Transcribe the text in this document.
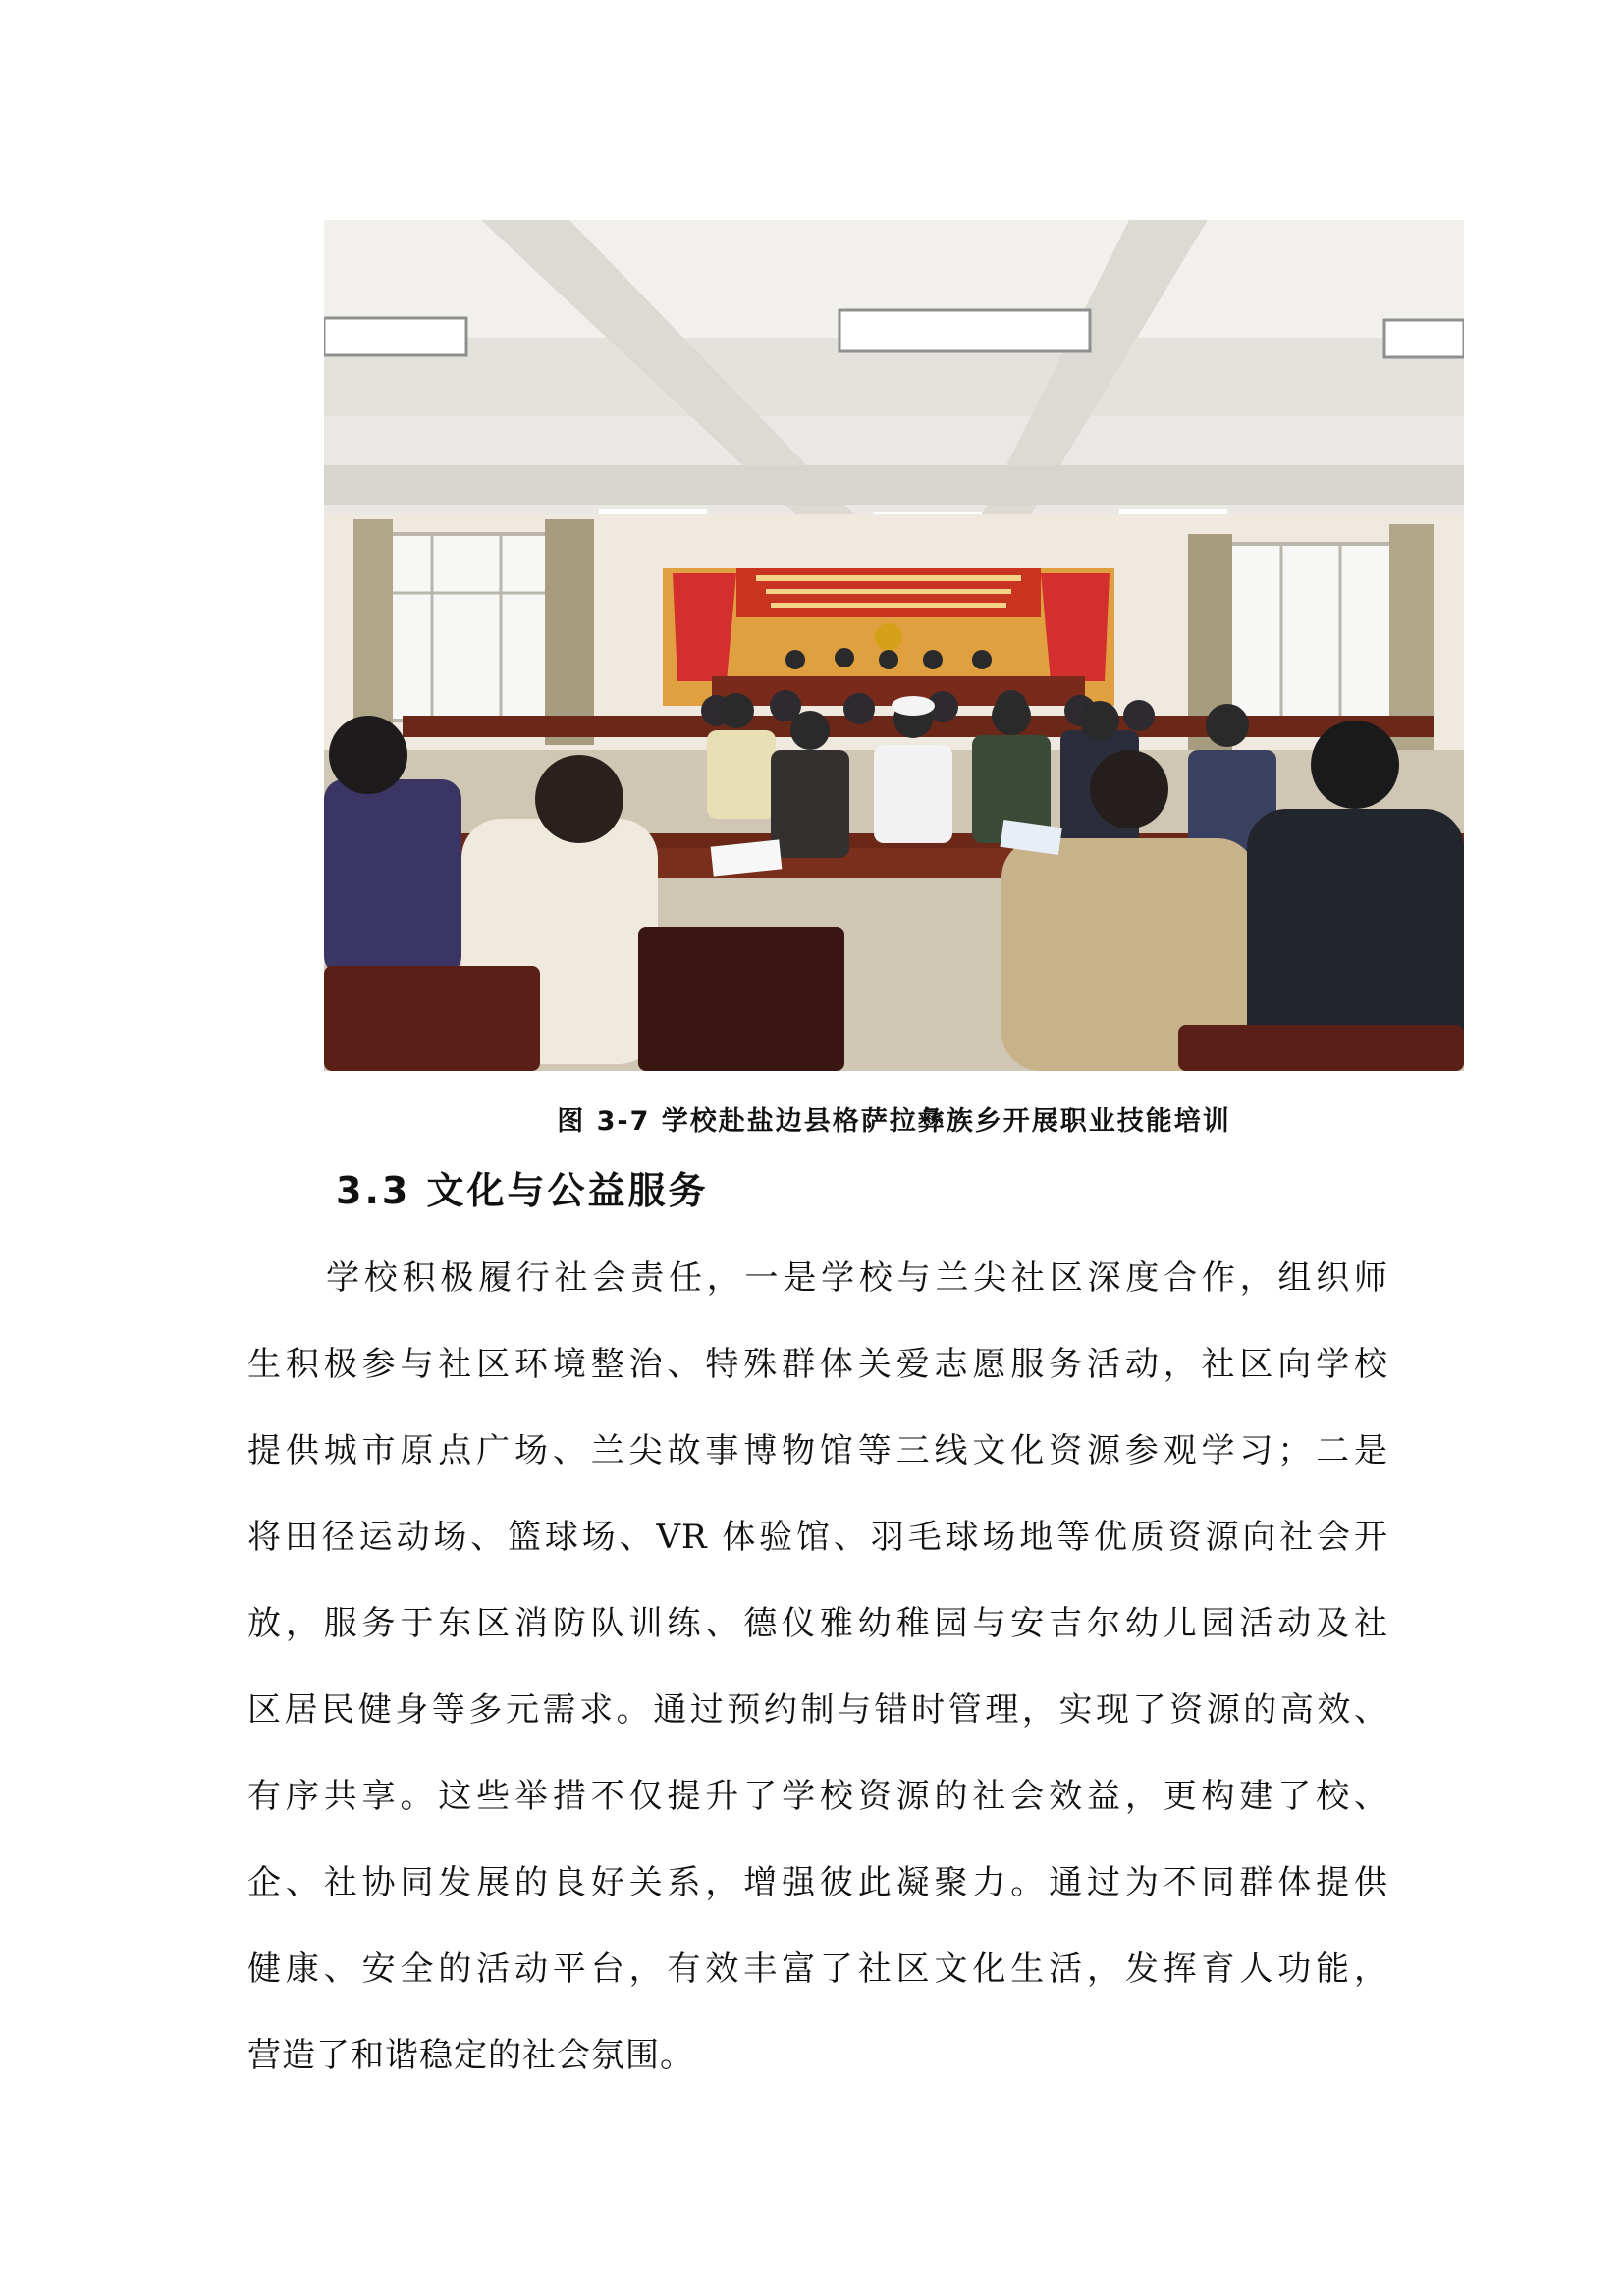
图 3-7 学校赴盐边县格萨拉彝族乡开展职业技能培训
3.3 文化与公益服务
学校积极履行社会责任，一是学校与兰尖社区深度合作，组织师
生积极参与社区环境整治、特殊群体关爱志愿服务活动，社区向学校
提供城市原点广场、兰尖故事博物馆等三线文化资源参观学习；二是
将田径运动场、篮球场、VR 体验馆、羽毛球场地等优质资源向社会开
放，服务于东区消防队训练、德仪雅幼稚园与安吉尔幼儿园活动及社
区居民健身等多元需求。通过预约制与错时管理，实现了资源的高效、
有序共享。这些举措不仅提升了学校资源的社会效益，更构建了校、
企、社协同发展的良好关系，增强彼此凝聚力。通过为不同群体提供
健康、安全的活动平台，有效丰富了社区文化生活，发挥育人功能，
营造了和谐稳定的社会氛围。
